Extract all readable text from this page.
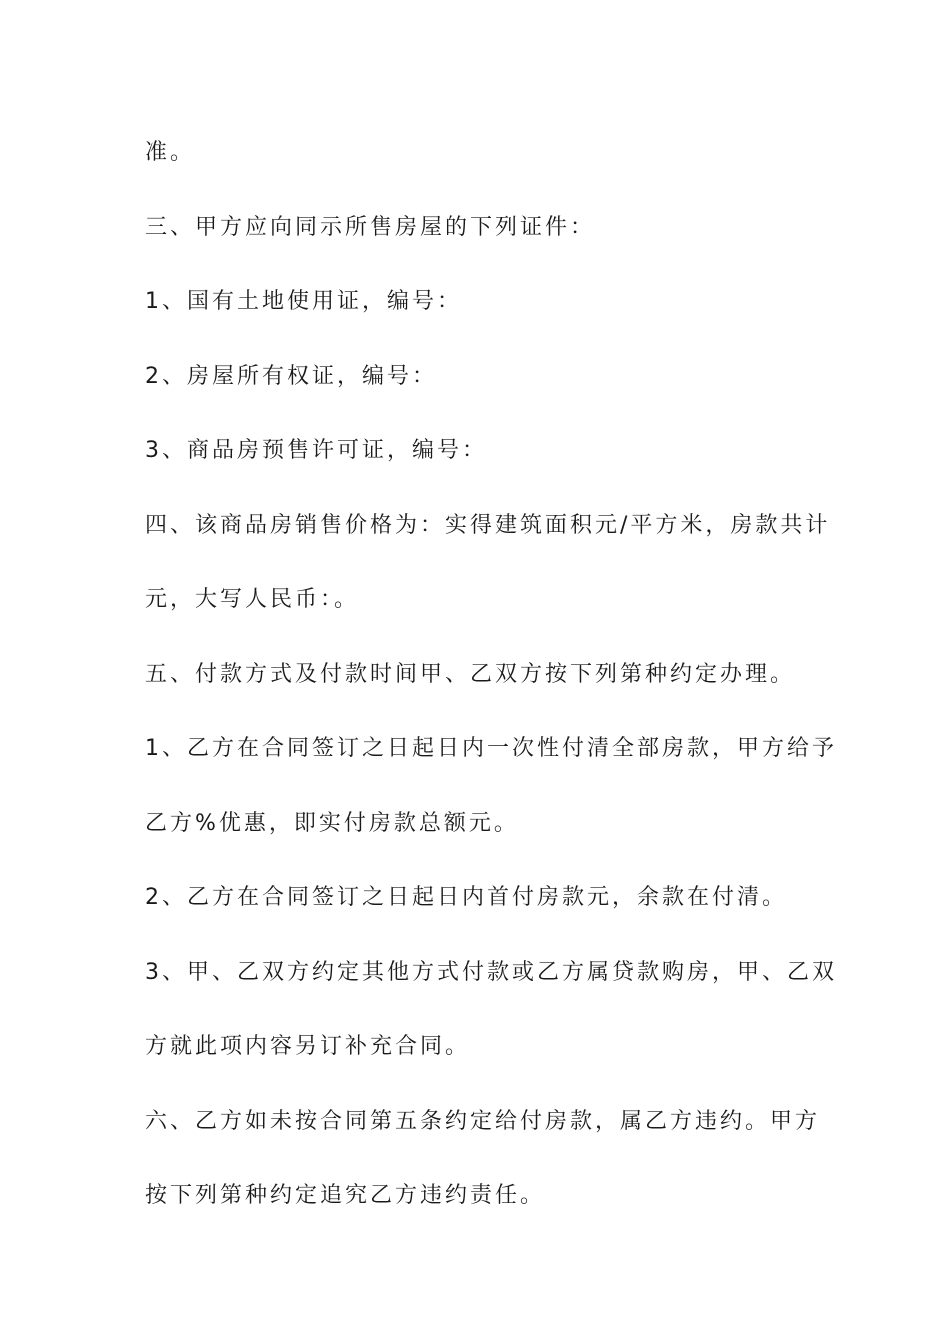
准。
三、甲方应向同示所售房屋的下列证件：
1、国有土地使用证，编号：
2、房屋所有权证，编号：
3、商品房预售许可证，编号：
四、该商品房销售价格为：实得建筑面积元/平方米，房款共计
元，大写人民币：。
五、付款方式及付款时间甲、乙双方按下列第种约定办理。
1、乙方在合同签订之日起日内一次性付清全部房款，甲方给予
乙方%优惠，即实付房款总额元。
2、乙方在合同签订之日起日内首付房款元，余款在付清。
3、甲、乙双方约定其他方式付款或乙方属贷款购房，甲、乙双
方就此项内容另订补充合同。
六、乙方如未按合同第五条约定给付房款，属乙方违约。甲方
按下列第种约定追究乙方违约责任。
